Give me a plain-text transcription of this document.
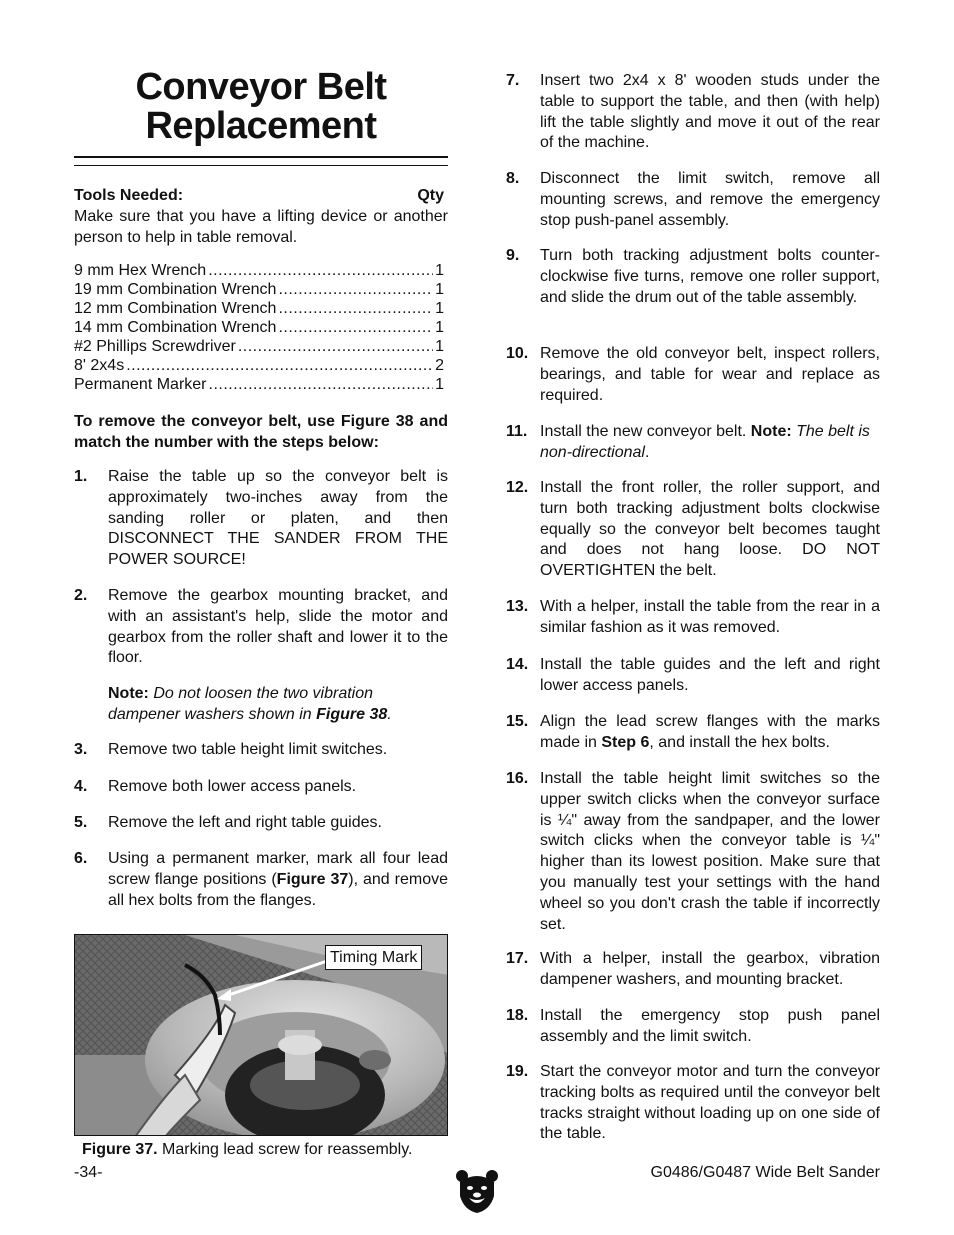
Conveyor Belt Replacement
Tools Needed:	Qty
Make sure that you have a lifting device or another person to help in table removal.
9 mm Hex Wrench .....	1
19 mm Combination Wrench .....	1
12 mm Combination Wrench .....	1
14 mm Combination Wrench .....	1
#2 Phillips Screwdriver .....	1
8' 2x4s .....	2
Permanent Marker .....	1
To remove the conveyor belt, use Figure 38 and match the number with the steps below:
1. Raise the table up so the conveyor belt is approximately two-inches away from the sanding roller or platen, and then DISCONNECT THE SANDER FROM THE POWER SOURCE!
2. Remove the gearbox mounting bracket, and with an assistant's help, slide the motor and gearbox from the roller shaft and lower it to the floor.
Note: Do not loosen the two vibration dampener washers shown in Figure 38.
3. Remove two table height limit switches.
4. Remove both lower access panels.
5. Remove the left and right table guides.
6. Using a permanent marker, mark all four lead screw flange positions (Figure 37), and remove all hex bolts from the flanges.
Timing Mark
Figure 37. Marking lead screw for reassembly.
7. Insert two 2x4 x 8' wooden studs under the table to support the table, and then (with help) lift the table slightly and move it out of the rear of the machine.
8. Disconnect the limit switch, remove all mounting screws, and remove the emergency stop push-panel assembly.
9. Turn both tracking adjustment bolts counter-clockwise five turns, remove one roller support, and slide the drum out of the table assembly.
10. Remove the old conveyor belt, inspect rollers, bearings, and table for wear and replace as required.
11. Install the new conveyor belt. Note: The belt is non-directional.
12. Install the front roller, the roller support, and turn both tracking adjustment bolts clockwise equally so the conveyor belt becomes taught and does not hang loose. DO NOT OVERTIGHTEN the belt.
13. With a helper, install the table from the rear in a similar fashion as it was removed.
14. Install the table guides and the left and right lower access panels.
15. Align the lead screw flanges with the marks made in Step 6, and install the hex bolts.
16. Install the table height limit switches so the upper switch clicks when the conveyor surface is ¼" away from the sandpaper, and the lower switch clicks when the conveyor table is ¼" higher than its lowest position. Make sure that you manually test your settings with the hand wheel so you don't crash the table if incorrectly set.
17. With a helper, install the gearbox, vibration dampener washers, and mounting bracket.
18. Install the emergency stop push panel assembly and the limit switch.
19. Start the conveyor motor and turn the conveyor tracking bolts as required until the conveyor belt tracks straight without loading up on one side of the table.
-34-	G0486/G0487 Wide Belt Sander
